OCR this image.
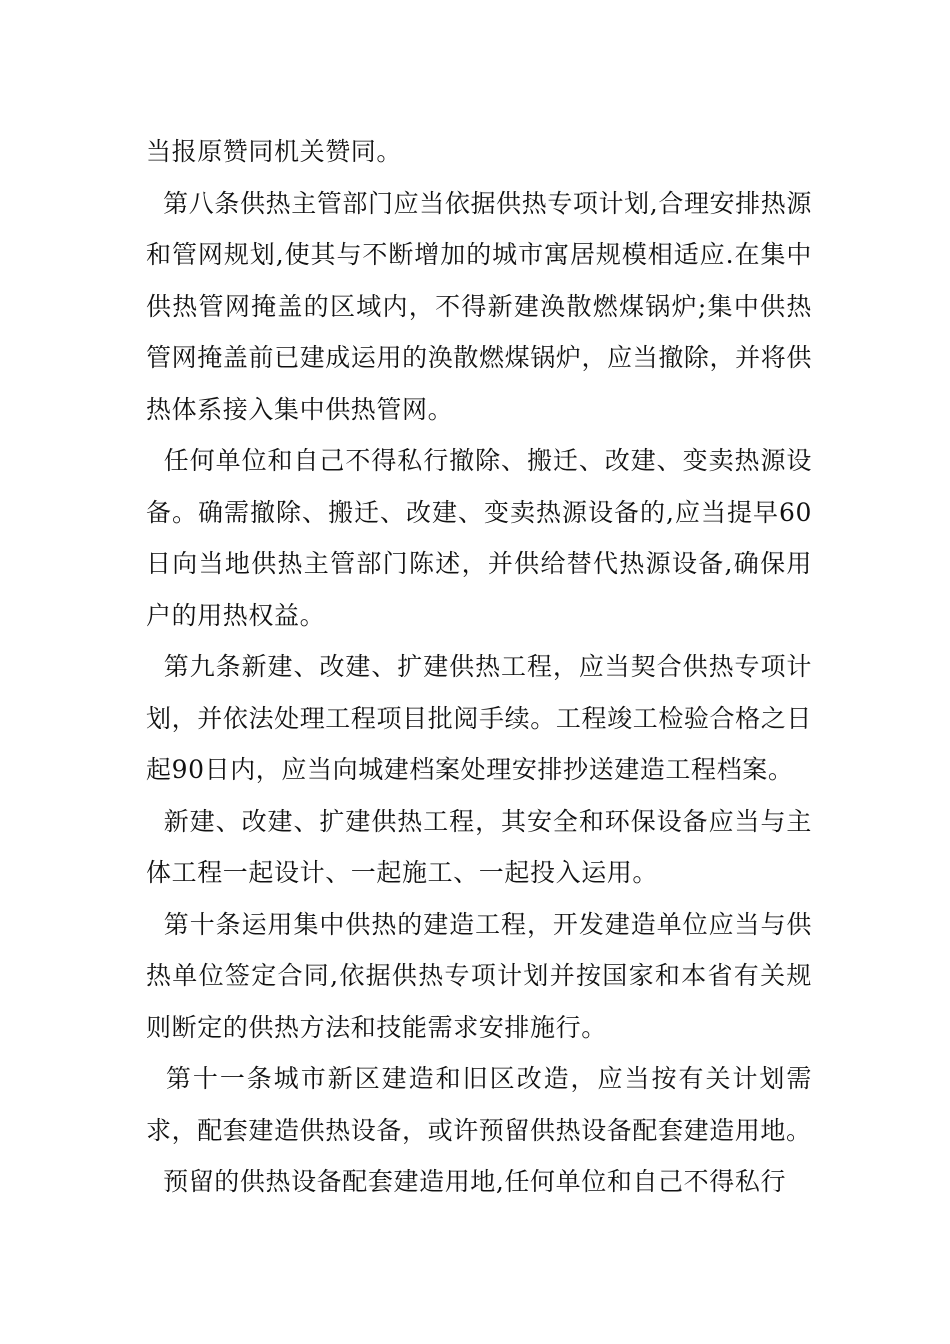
当报原赞同机关赞同。

第八条供热主管部门应当依据供热专项计划,合理安排热源和管网规划,使其与不断增加的城市寓居规模相适应.在集中供热管网掩盖的区域内，不得新建涣散燃煤锅炉;集中供热管网掩盖前已建成运用的涣散燃煤锅炉，应当撤除，并将供热体系接入集中供热管网。

任何单位和自己不得私行撤除、搬迁、改建、变卖热源设备。确需撤除、搬迁、改建、变卖热源设备的,应当提早60日向当地供热主管部门陈述，并供给替代热源设备,确保用户的用热权益。

第九条新建、改建、扩建供热工程，应当契合供热专项计划，并依法处理工程项目批阅手续。工程竣工检验合格之日起90日内，应当向城建档案处理安排抄送建造工程档案。

新建、改建、扩建供热工程，其安全和环保设备应当与主体工程一起设计、一起施工、一起投入运用。

第十条运用集中供热的建造工程，开发建造单位应当与供热单位签定合同,依据供热专项计划并按国家和本省有关规则断定的供热方法和技能需求安排施行。

第十一条城市新区建造和旧区改造，应当按有关计划需求，配套建造供热设备，或许预留供热设备配套建造用地。

预留的供热设备配套建造用地,任何单位和自己不得私行
